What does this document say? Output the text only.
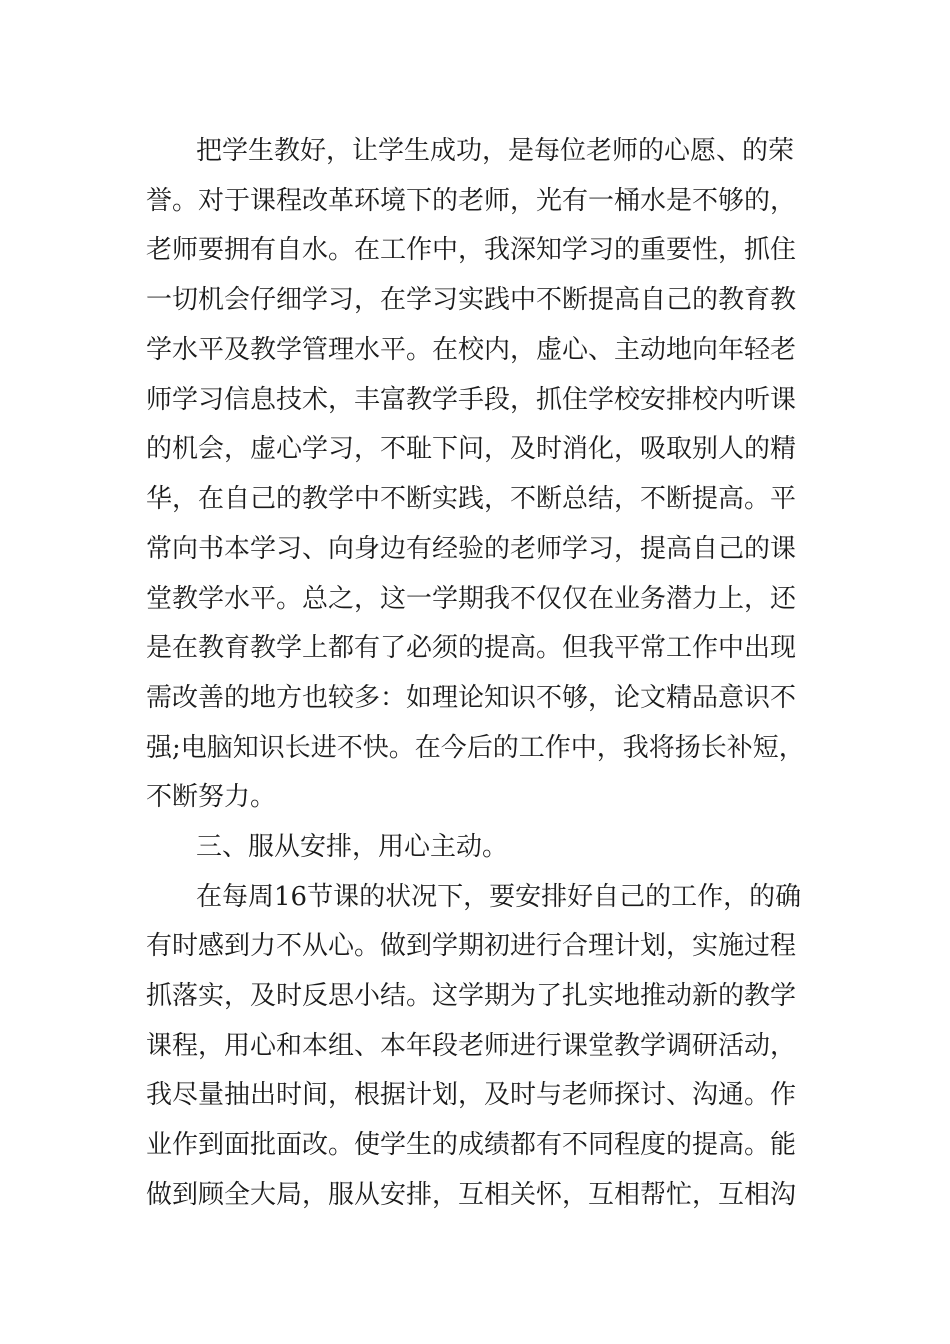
把学生教好，让学生成功，是每位老师的心愿、的荣
誉。对于课程改革环境下的老师，光有一桶水是不够的，
老师要拥有自水。在工作中，我深知学习的重要性，抓住
一切机会仔细学习，在学习实践中不断提高自己的教育教
学水平及教学管理水平。在校内，虚心、主动地向年轻老
师学习信息技术，丰富教学手段，抓住学校安排校内听课
的机会，虚心学习，不耻下问，及时消化，吸取别人的精
华，在自己的教学中不断实践，不断总结，不断提高。平
常向书本学习、向身边有经验的老师学习，提高自己的课
堂教学水平。总之，这一学期我不仅仅在业务潜力上，还
是在教育教学上都有了必须的提高。但我平常工作中出现
需改善的地方也较多：如理论知识不够，论文精品意识不
强;电脑知识长进不快。在今后的工作中，我将扬长补短，
不断努力。
三、服从安排，用心主动。
在每周16节课的状况下，要安排好自己的工作，的确
有时感到力不从心。做到学期初进行合理计划，实施过程
抓落实，及时反思小结。这学期为了扎实地推动新的教学
课程，用心和本组、本年段老师进行课堂教学调研活动，
我尽量抽出时间，根据计划，及时与老师探讨、沟通。作
业作到面批面改。使学生的成绩都有不同程度的提高。能
做到顾全大局，服从安排，互相关怀，互相帮忙，互相沟
